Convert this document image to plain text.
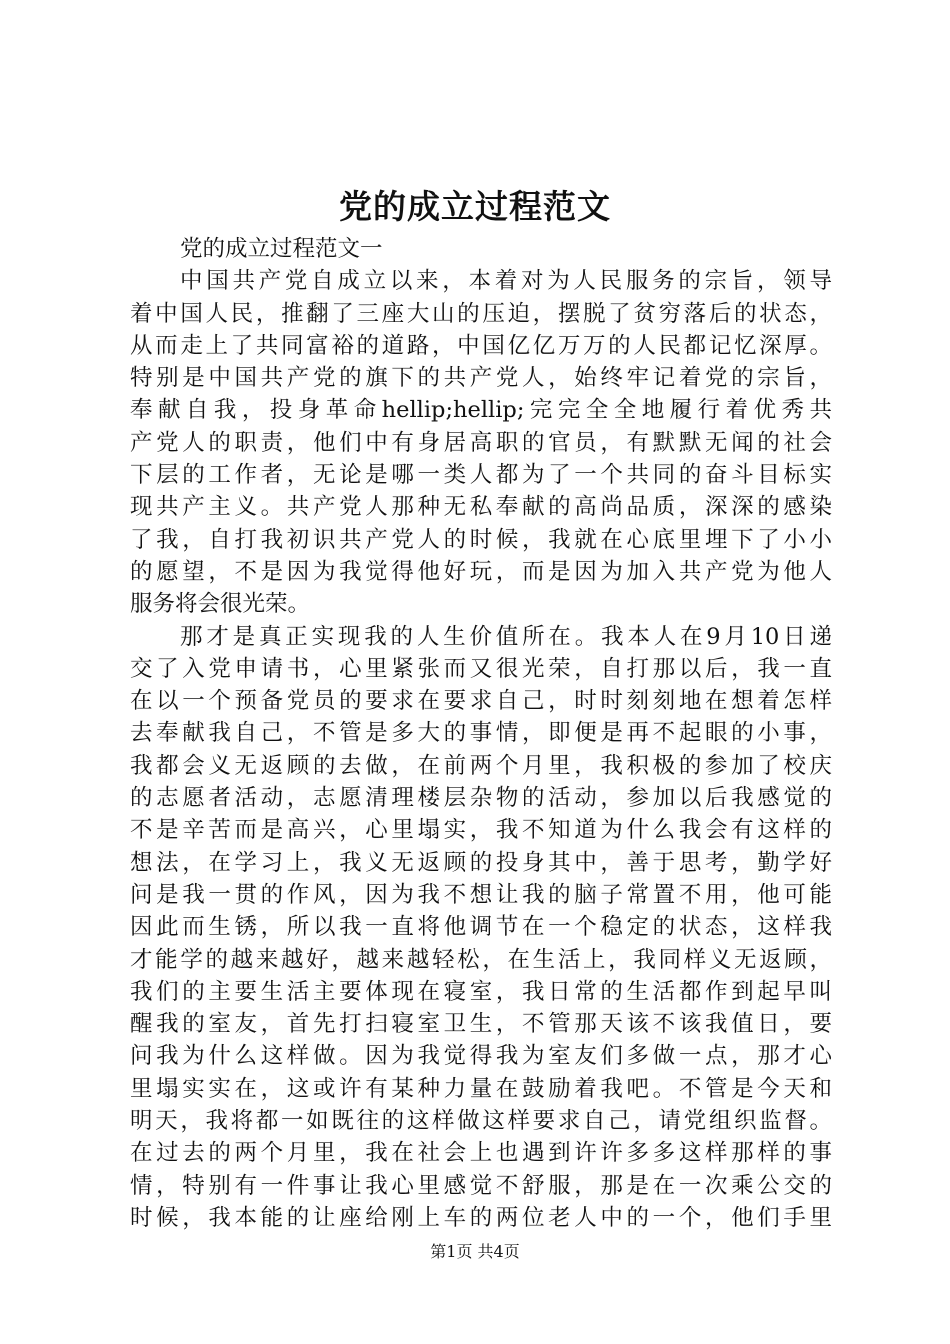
党的成立过程范文
党的成立过程范文一
中国共产党自成立以来，本着对为人民服务的宗旨，领导
着中国人民，推翻了三座大山的压迫，摆脱了贫穷落后的状态，
从而走上了共同富裕的道路，中国亿亿万万的人民都记忆深厚。
特别是中国共产党的旗下的共产党人，始终牢记着党的宗旨，
奉献自我，投身革命hellip;hellip;完完全全地履行着优秀共
产党人的职责，他们中有身居高职的官员，有默默无闻的社会
下层的工作者，无论是哪一类人都为了一个共同的奋斗目标实
现共产主义。共产党人那种无私奉献的高尚品质，深深的感染
了我，自打我初识共产党人的时候，我就在心底里埋下了小小
的愿望，不是因为我觉得他好玩，而是因为加入共产党为他人
服务将会很光荣。
那才是真正实现我的人生价值所在。我本人在9月10日递
交了入党申请书，心里紧张而又很光荣，自打那以后，我一直
在以一个预备党员的要求在要求自己，时时刻刻地在想着怎样
去奉献我自己，不管是多大的事情，即便是再不起眼的小事，
我都会义无返顾的去做，在前两个月里，我积极的参加了校庆
的志愿者活动，志愿清理楼层杂物的活动，参加以后我感觉的
不是辛苦而是高兴，心里塌实，我不知道为什么我会有这样的
想法，在学习上，我义无返顾的投身其中，善于思考，勤学好
问是我一贯的作风，因为我不想让我的脑子常置不用，他可能
因此而生锈，所以我一直将他调节在一个稳定的状态，这样我
才能学的越来越好，越来越轻松，在生活上，我同样义无返顾，
我们的主要生活主要体现在寝室，我日常的生活都作到起早叫
醒我的室友，首先打扫寝室卫生，不管那天该不该我值日，要
问我为什么这样做。因为我觉得我为室友们多做一点，那才心
里塌实实在，这或许有某种力量在鼓励着我吧。不管是今天和
明天，我将都一如既往的这样做这样要求自己，请党组织监督。
在过去的两个月里，我在社会上也遇到许许多多这样那样的事
情，特别有一件事让我心里感觉不舒服，那是在一次乘公交的
时候，我本能的让座给刚上车的两位老人中的一个，他们手里
第1页 共4页
